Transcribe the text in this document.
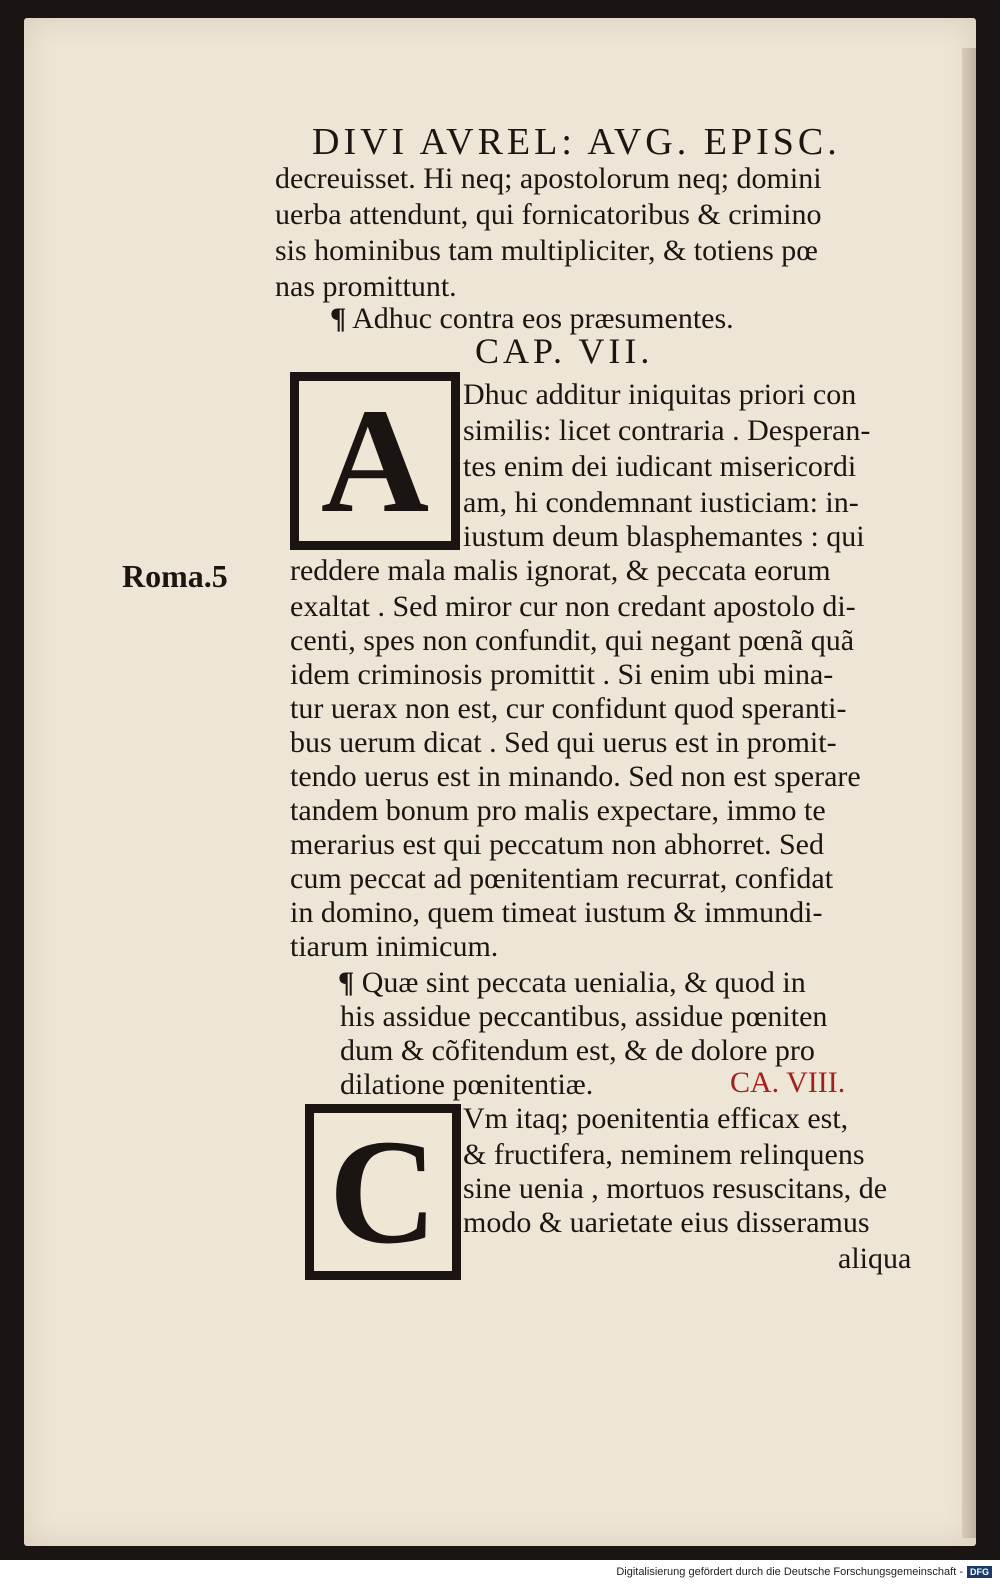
DIVI AVREL: AVG. EPISC.
decreuisset. Hi neq; apostolorum neq; domini
uerba attendunt, qui fornicatoribus & crimino
sis hominibus tam multipliciter, & totiens pœ
nas promittunt.
¶ Adhuc contra eos præsumentes.
CAP. VII.
A Dhuc additur iniquitas priori con
similis: licet contraria . Desperan-
tes enim dei iudicant misericordi
am, hi condemnant iusticiam: in-
iustum deum blasphemantes : qui
Roma.5 reddere mala malis ignorat, & peccata eorum
exaltat . Sed miror cur non credant apostolo di-
centi, spes non confundit, qui negant pœnã quã
idem criminosis promittit . Si enim ubi mina-
tur uerax non est, cur confidunt quod speranti-
bus uerum dicat . Sed qui uerus est in promit-
tendo uerus est in minando. Sed non est sperare
tandem bonum pro malis expectare, immo te
merarius est qui peccatum non abhorret. Sed
cum peccat ad pœnitentiam recurrat, confidat
in domino, quem timeat iustum & immundi-
tiarum inimicum.
¶ Quæ sint peccata uenialia, & quod in
his assidue peccantibus, assidue pœniten
dum & cõfitendum est, & de dolore pro
dilatione pœnitentiæ.	CA. VIII.
C Vm itaq; poenitentia efficax est,
& fructifera, neminem relinquens
sine uenia , mortuos resuscitans, de
modo & uarietate eius disseramus
aliqua
Digitalisierung gefördert durch die Deutsche Forschungsgemeinschaft - DFG
